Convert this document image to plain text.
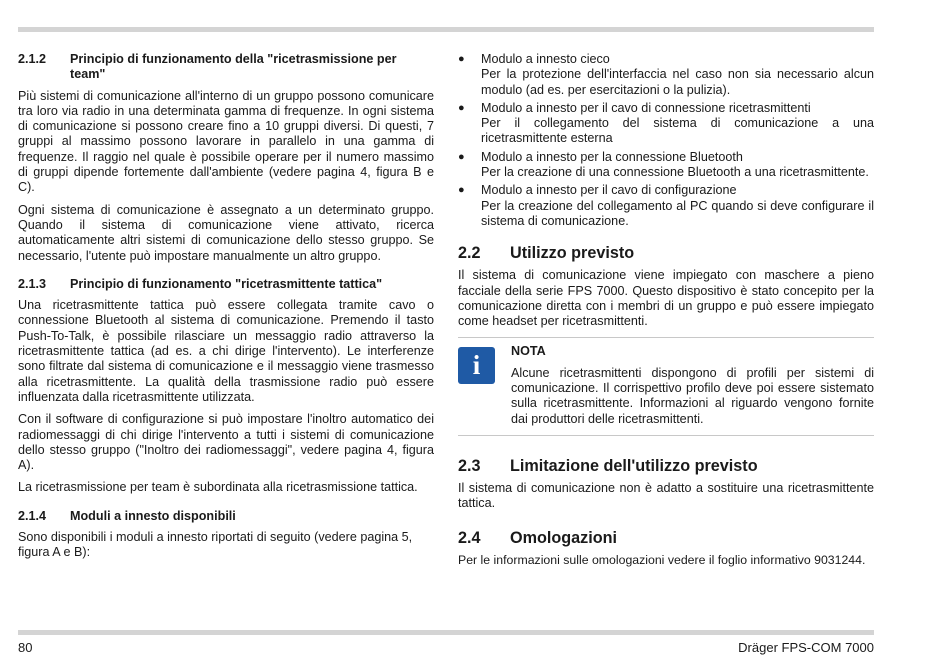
2.1.2	Principio di funzionamento della "ricetrasmissione per team"

Più sistemi di comunicazione all'interno di un gruppo possono comunicare tra loro via radio in una determinata gamma di frequenze. In ogni sistema di comunicazione si possono creare fino a 10 gruppi diversi. Di questi, 7 gruppi al massimo possono lavorare in parallelo in una gamma di frequenze. Il raggio nel quale è possibile operare per il numero massimo di gruppi dipende fortemente dall'ambiente (vedere pagina 4, figura B e C).

Ogni sistema di comunicazione è assegnato a un determinato gruppo. Quando il sistema di comunicazione viene attivato, ricerca automaticamente altri sistemi di comunicazione dello stesso gruppo. Se necessario, l'utente può impostare manualmente un altro gruppo.

2.1.3	Principio di funzionamento "ricetrasmittente tattica"

Una ricetrasmittente tattica può essere collegata tramite cavo o connessione Bluetooth al sistema di comunicazione. Premendo il tasto Push-To-Talk, è possibile rilasciare un messaggio radio attraverso la ricetrasmittente tattica (ad es. a chi dirige l'intervento). Le interferenze sono filtrate dal sistema di comunicazione e il messaggio viene trasmesso alla ricetrasmittente. La qualità della trasmissione radio può essere influenzata dalla ricetrasmittente utilizzata.

Con il software di configurazione si può impostare l'inoltro automatico dei radiomessaggi di chi dirige l'intervento a tutti i sistemi di comunicazione dello stesso gruppo ("Inoltro dei radiomessaggi", vedere pagina 4, figura A).

La ricetrasmissione per team è subordinata alla ricetrasmissione tattica.

2.1.4	Moduli a innesto disponibili

Sono disponibili i moduli a innesto riportati di seguito (vedere pagina 5, figura A e B):

●	Modulo a innesto cieco
Per la protezione dell'interfaccia nel caso non sia necessario alcun modulo (ad es. per esercitazioni o la pulizia).
●	Modulo a innesto per il cavo di connessione ricetrasmittenti
Per il collegamento del sistema di comunicazione a una ricetrasmittente esterna
●	Modulo a innesto per la connessione Bluetooth
Per la creazione di una connessione Bluetooth a una ricetrasmittente.
●	Modulo a innesto per il cavo di configurazione
Per la creazione del collegamento al PC quando si deve configurare il sistema di comunicazione.
2.2	Utilizzo previsto

Il sistema di comunicazione viene impiegato con maschere a pieno facciale della serie FPS 7000. Questo dispositivo è stato concepito per la comunicazione diretta con i membri di un gruppo e può essere impiegato come headset per ricetrasmittenti.

i NOTA
Alcune ricetrasmittenti dispongono di profili per sistemi di comunicazione. Il corrispettivo profilo deve poi essere sistemato sulla ricetrasmittente. Informazioni al riguardo vengono fornite dai produttori delle ricetrasmittenti.
2.3	Limitazione dell'utilizzo previsto

Il sistema di comunicazione non è adatto a sostituire una ricetrasmittente tattica.

2.4	Omologazioni

Per le informazioni sulle omologazioni vedere il foglio informativo 9031244.

80	Dräger FPS-COM 7000
